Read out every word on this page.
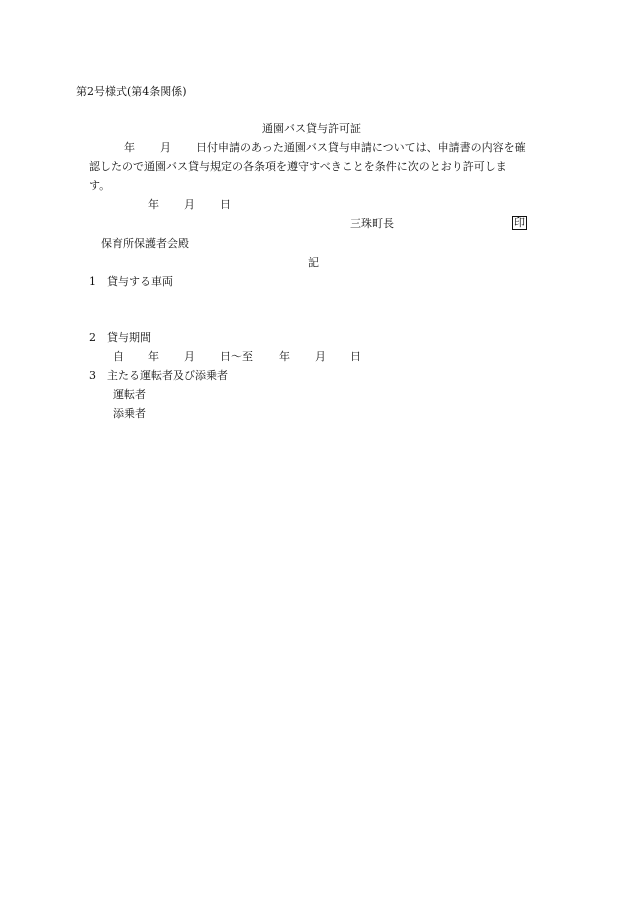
第2号様式(第4条関係)
通園バス貸与許可証
年 月 日付申請のあった通園バス貸与申請については、申請書の内容を確
認したので通園バス貸与規定の各条項を遵守すべきことを条件に次のとおり許可しま
す。
年 月 日
三珠町長	印
保育所保護者会殿
記
1 貸与する車両
2 貸与期間
自 年 月 日〜至 年 月 日
3 主たる運転者及び添乗者
運転者
添乗者
